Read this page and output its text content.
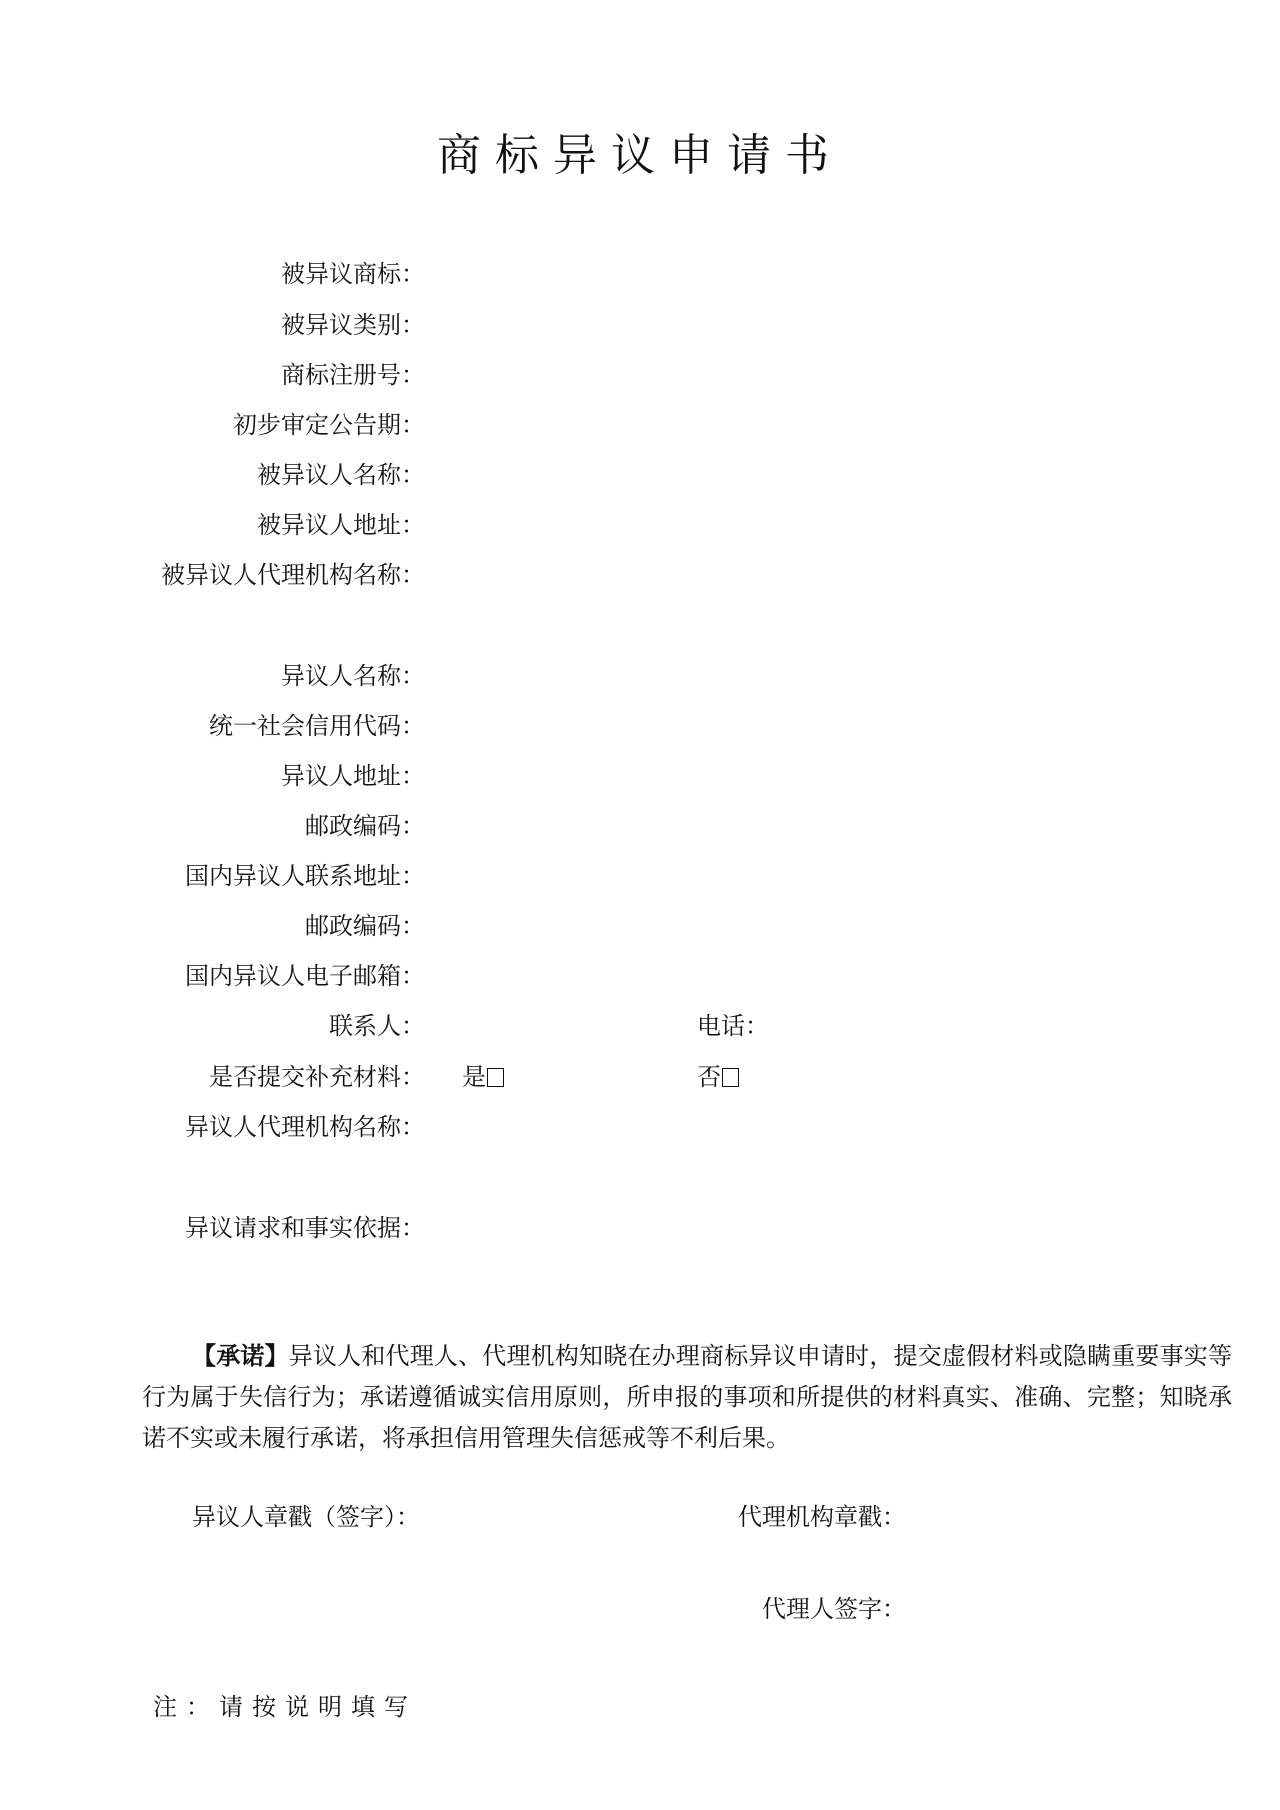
商标异议申请书
被异议商标：
被异议类别：
商标注册号：
初步审定公告期：
被异议人名称：
被异议人地址：
被异议人代理机构名称：
异议人名称：
统一社会信用代码：
异议人地址：
邮政编码：
国内异议人联系地址：
邮政编码：
国内异议人电子邮箱：
联系人：	电话：
是否提交补充材料： 是	否
异议人代理机构名称：
异议请求和事实依据：
【承诺】异议人和代理人、代理机构知晓在办理商标异议申请时，提交虚假材料或隐瞒重要事实等行为属于失信行为；承诺遵循诚实信用原则，所申报的事项和所提供的材料真实、准确、完整；知晓承诺不实或未履行承诺，将承担信用管理失信惩戒等不利后果。
异议人章戳（签字）：	代理机构章戳：
代理人签字：
注：请按说明填写
